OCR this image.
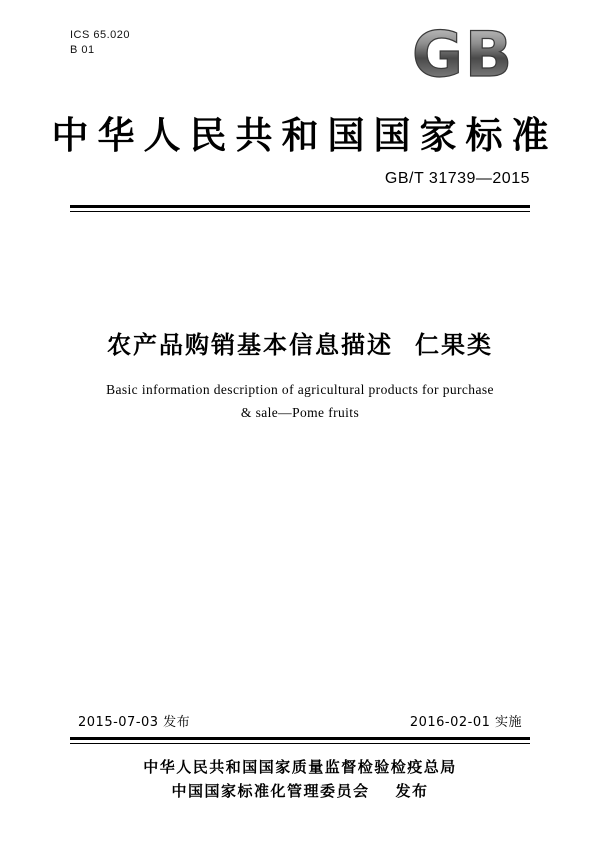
ICS 65.020
B 01	GB
中华人民共和国国家标准
GB/T 31739—2015
农产品购销基本信息描述 仁果类
Basic information description of agricultural products for purchase
& sale—Pome fruits
2015-07-03 发布	2016-02-01 实施
中华人民共和国国家质量监督检验检疫总局
中国国家标准化管理委员会 发布
